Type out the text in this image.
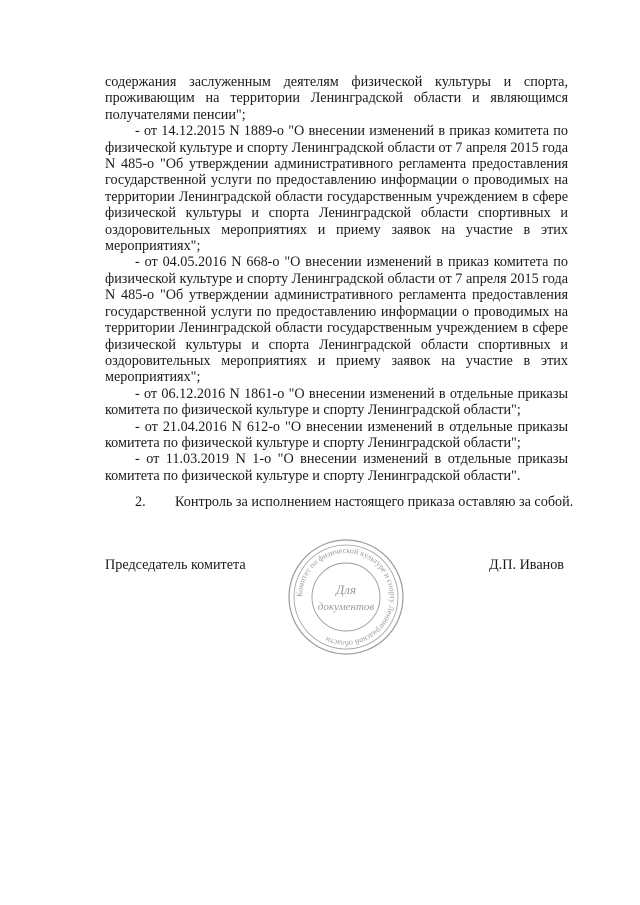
содержания заслуженным деятелям физической культуры и спорта, проживающим на территории Ленинградской области и являющимся получателями пенсии";

- от 14.12.2015 N 1889-о "О внесении изменений в приказ комитета по физической культуре и спорту Ленинградской области от 7 апреля 2015 года N 485-о "Об утверждении административного регламента предоставления государственной услуги по предоставлению информации о проводимых на территории Ленинградской области государственным учреждением в сфере физической культуры и спорта Ленинградской области спортивных и оздоровительных мероприятиях и приему заявок на участие в этих мероприятиях";

- от 04.05.2016 N 668-о "О внесении изменений в приказ комитета по физической культуре и спорту Ленинградской области от 7 апреля 2015 года N 485-о "Об утверждении административного регламента предоставления государственной услуги по предоставлению информации о проводимых на территории Ленинградской области государственным учреждением в сфере физической культуры и спорта Ленинградской области спортивных и оздоровительных мероприятиях и приему заявок на участие в этих мероприятиях";

- от 06.12.2016 N 1861-о "О внесении изменений в отдельные приказы комитета по физической культуре и спорту Ленинградской области";

- от 21.04.2016 N 612-о "О внесении изменений в отдельные приказы комитета по физической культуре и спорту Ленинградской области";

- от 11.03.2019 N 1-о "О внесении изменений в отдельные приказы комитета по физической культуре и спорту Ленинградской области".

2. Контроль за исполнением настоящего приказа оставляю за собой.
Председатель комитета
Комитет по физической культуре и спорту Ленинградской области
Для
документов
Д.П. Иванов
